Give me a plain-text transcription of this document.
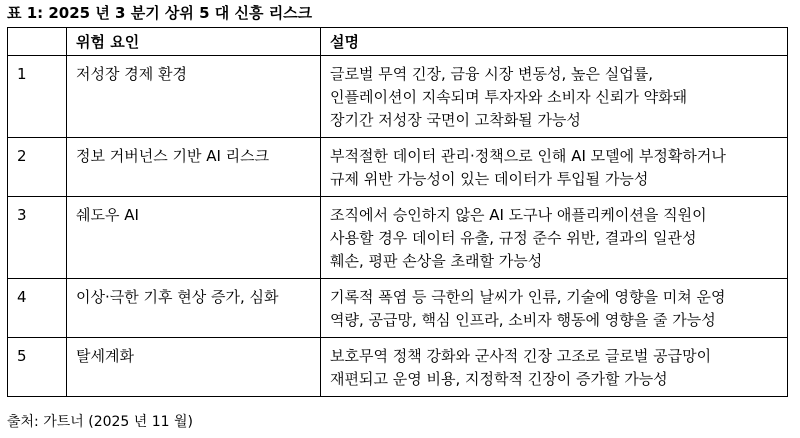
표 1: 2025 년 3 분기 상위 5 대 신흥 리스크
	위험 요인	설명
1	저성장 경제 환경	글로벌 무역 긴장, 금융 시장 변동성, 높은 실업률,
인플레이션이 지속되며 투자자와 소비자 신뢰가 약화돼
장기간 저성장 국면이 고착화될 가능성

2	정보 거버넌스 기반 AI 리스크	부적절한 데이터 관리·정책으로 인해 AI 모델에 부정확하거나
규제 위반 가능성이 있는 데이터가 투입될 가능성

3	쉐도우 AI	조직에서 승인하지 않은 AI 도구나 애플리케이션을 직원이
사용할 경우 데이터 유출, 규정 준수 위반, 결과의 일관성
훼손, 평판 손상을 초래할 가능성

4	이상·극한 기후 현상 증가, 심화	기록적 폭염 등 극한의 날씨가 인류, 기술에 영향을 미쳐 운영
역량, 공급망, 핵심 인프라, 소비자 행동에 영향을 줄 가능성

5	탈세계화	보호무역 정책 강화와 군사적 긴장 고조로 글로벌 공급망이
재편되고 운영 비용, 지정학적 긴장이 증가할 가능성
출처: 가트너 (2025 년 11 월)
